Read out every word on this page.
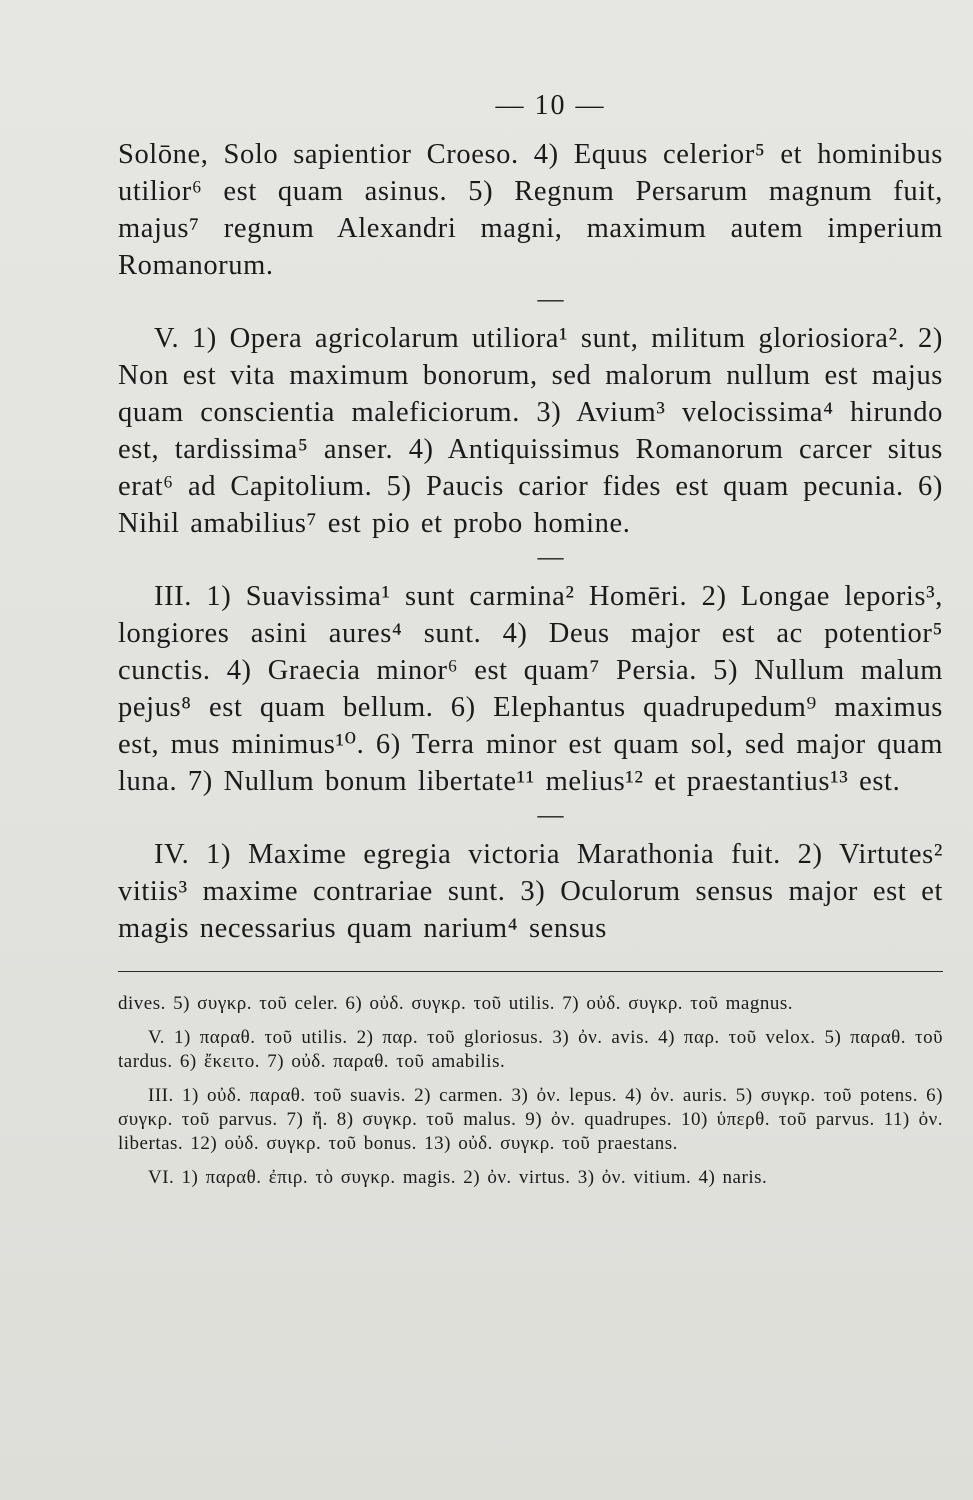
— 10 —

Solōne, Solo sapientior Croeso. 4) Equus celerior⁵ et hominibus utilior⁶ est quam asinus. 5) Regnum Persarum magnum fuit, majus⁷ regnum Alexandri magni, maximum autem imperium Romanorum.

—

V. 1) Opera agricolarum utiliora¹ sunt, militum gloriosiora². 2) Non est vita maximum bonorum, sed malorum nullum est majus quam conscientia maleficiorum. 3) Avium³ velocissima⁴ hirundo est, tardissima⁵ anser. 4) Antiquissimus Romanorum carcer situs erat⁶ ad Capitolium. 5) Paucis carior fides est quam pecunia. 6) Nihil amabilius⁷ est pio et probo homine.

—

III. 1) Suavissima¹ sunt carmina² Homēri. 2) Longae leporis³, longiores asini aures⁴ sunt. 4) Deus major est ac potentior⁵ cunctis. 4) Graecia minor⁶ est quam⁷ Persia. 5) Nullum malum pejus⁸ est quam bellum. 6) Elephantus quadrupedum⁹ maximus est, mus minimus¹⁰. 6) Terra minor est quam sol, sed major quam luna. 7) Nullum bonum libertate¹¹ melius¹² et praestantius¹³ est.

—

IV. 1) Maxime egregia victoria Marathonia fuit. 2) Virtutes² vitiis³ maxime contrariae sunt. 3) Oculorum sensus major est et magis necessarius quam narium⁴ sensus

dives. 5) συγκρ. τοῦ celer. 6) οὐδ. συγκρ. τοῦ utilis. 7) οὐδ. συγκρ. τοῦ magnus.

V. 1) παραθ. τοῦ utilis. 2) παρ. τοῦ gloriosus. 3) ὀν. avis. 4) παρ. τοῦ velox. 5) παραθ. τοῦ tardus. 6) ἔκειτο. 7) οὐδ. παραθ. τοῦ amabilis.

III. 1) οὐδ. παραθ. τοῦ suavis. 2) carmen. 3) ὀν. lepus. 4) ὀν. auris. 5) συγκρ. τοῦ potens. 6) συγκρ. τοῦ parvus. 7) ἤ. 8) συγκρ. τοῦ malus. 9) ὀν. quadrupes. 10) ὑπερθ. τοῦ parvus. 11) ὀν. libertas. 12) οὐδ. συγκρ. τοῦ bonus. 13) οὐδ. συγκρ. τοῦ praestans.

VI. 1) παραθ. ἐπιρ. τὸ συγκρ. magis. 2) ὀν. virtus. 3) ὀν. vitium. 4) naris.
